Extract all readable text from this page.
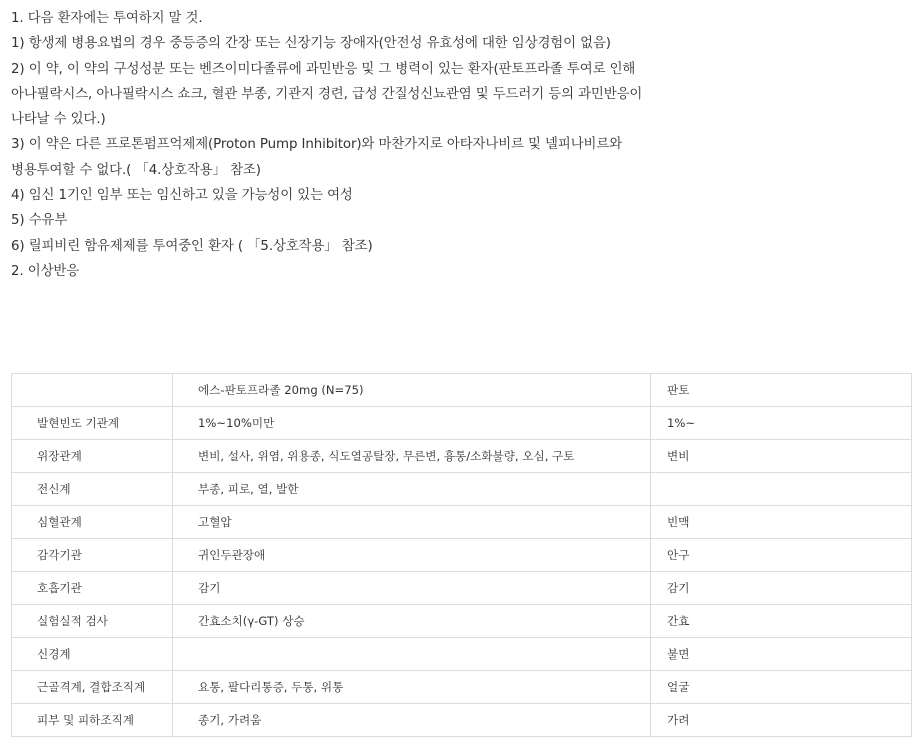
1. 다음 환자에는 투여하지 말 것.

1) 항생제 병용요법의 경우 중등증의 간장 또는 신장기능 장애자(안전성 유효성에 대한 임상경험이 없음)

2) 이 약, 이 약의 구성성분 또는 벤즈이미다졸류에 과민반응 및 그 병력이 있는 환자(판토프라졸 투여로 인해 아나필락시스, 아나필락시스 쇼크, 혈관 부종, 기관지 경련, 급성 간질성신뇨관염 및 두드러기 등의 과민반응이 나타날 수 있다.)

3) 이 약은 다른 프로톤펌프억제제(Proton Pump Inhibitor)와 마찬가지로 아타자나비르 및 넬피나비르와 병용투여할 수 없다.( 「4.상호작용」 참조)

4) 임신 1기인 임부 또는 임신하고 있을 가능성이 있는 여성

5) 수유부

6) 릴피비린 함유제제를 투여중인 환자 ( 「5.상호작용」 참조)

2. 이상반응

	에스-판토프라졸 20mg (N=75)	판토
발현빈도 기관계	1%~10%미만	1%~
위장관계	변비, 설사, 위염, 위용종, 식도열공탈장, 무른변, 흉통/소화불량, 오심, 구토	변비
전신계	부종, 피로, 열, 발한	
심혈관계	고혈압	빈맥
감각기관	귀인두관장애	안구
호흡기관	감기	감기
실험실적 검사	간효소치(γ-GT) 상승	간효
신경계		불면
근골격계, 결합조직계	요통, 팔다리통증, 두통, 위통	얼굴
피부 및 피하조직계	종기, 가려움	가려
